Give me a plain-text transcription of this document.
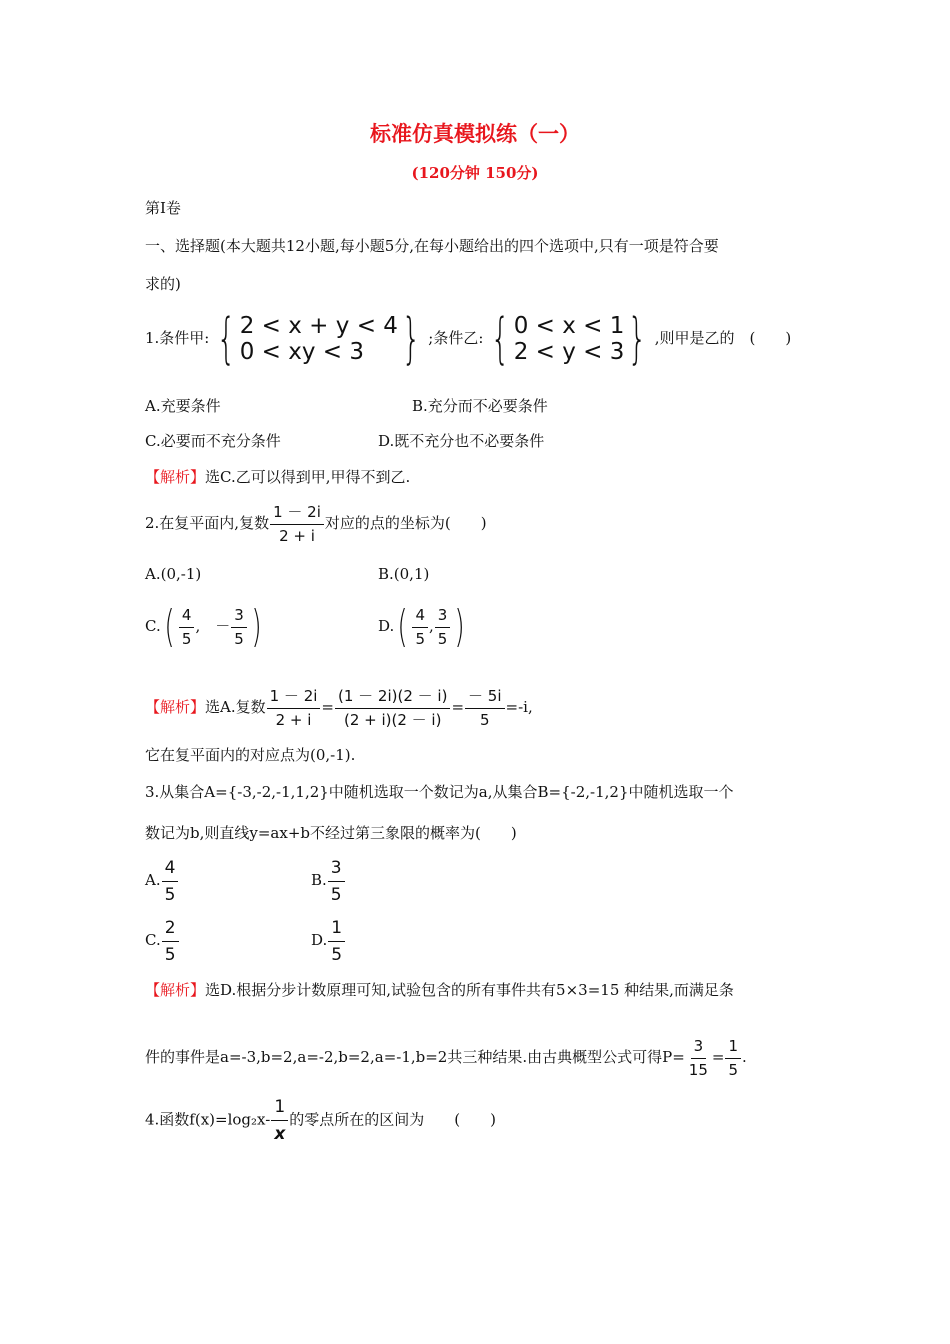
标准仿真模拟练（一）
(120分钟 150分)
第Ⅰ卷
一、选择题(本大题共12小题,每小题5分,在每小题给出的四个选项中,只有一项是符合要
求的)
1.条件甲: { 2 < x + y < 4
0 < xy < 3 } ;条件乙: { 0 < x < 1
2 < y < 3 } ,则甲是乙的　(　　)
A.充要条件	B.充分而不必要条件
C.必要而不充分条件	D.既不充分也不必要条件
【解析】选C.乙可以得到甲,甲得不到乙.
2.在复平面内,复数 $\frac{1 - 2i}{2 + i}$ 对应的点的坐标为(　　)
A.(0,-1)	B.(0,1)
$C.( \frac{4}{5}$ ,　－ $\frac{3}{5}$ )	$D.( \frac{4}{5}$ , $\frac{3}{5}$ )
【解析】选A.复数 $\frac{1 - 2i}{2 + i} = \frac{(1 - 2i)(2 - i)}{(2 + i)(2 - i)} = \frac{- 5i}{5} =-i$,
它在复平面内的对应点为(0,-1).
3.从集合A={-3,-2,-1,1,2}中随机选取一个数记为a,从集合B={-2,-1,2}中随机选取一个
数记为b,则直线y=ax+b不经过第三象限的概率为(　　)
A. $\frac{4}{5}$	B. $\frac{3}{5}$
C. $\frac{2}{5}$	D. $\frac{1}{5}$
【解析】选D.根据分步计数原理可知,试验包含的所有事件共有5×3=15 种结果,而满足条
件的事件是a=-3,b=2,a=-2,b=2,a=-1,b=2共三种结果.由古典概型公式可得$P= \frac{3}{15} = \frac{1}{5}$ .
4.函数$f(x)=\log_2x- \frac{1}{x}$ 的零点所在的区间为　　(　　)
